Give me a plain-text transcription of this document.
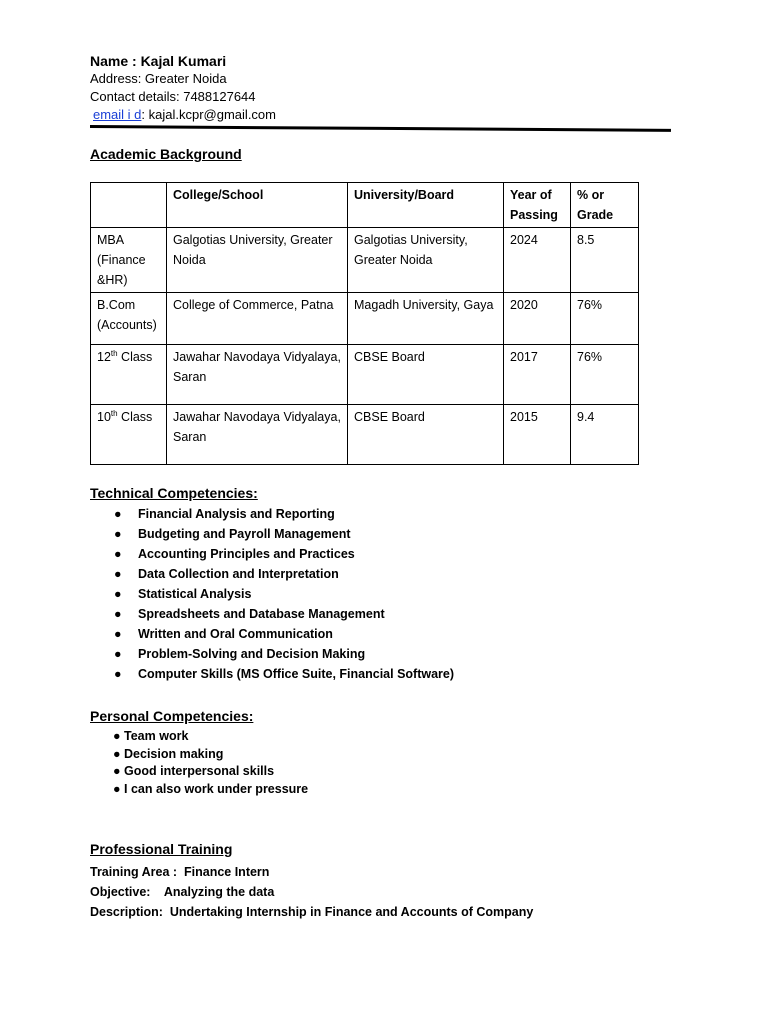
Name : Kajal Kumari
Address: Greater Noida
Contact details: 7488127644
email i d: kajal.kcpr@gmail.com
Academic Background
	College/School	University/Board	Year of Passing	% or Grade
MBA (Finance &HR)	Galgotias University, Greater Noida	Galgotias University, Greater Noida	2024	8.5
B.Com (Accounts)	College of Commerce, Patna	Magadh University, Gaya	2020	76%
12th Class	Jawahar Navodaya Vidyalaya, Saran	CBSE Board	2017	76%
10th Class	Jawahar Navodaya Vidyalaya, Saran	CBSE Board	2015	9.4
Technical Competencies:
● Financial Analysis and Reporting
● Budgeting and Payroll Management
● Accounting Principles and Practices
● Data Collection and Interpretation
● Statistical Analysis
● Spreadsheets and Database Management
● Written and Oral Communication
● Problem-Solving and Decision Making
● Computer Skills (MS Office Suite, Financial Software)
Personal Competencies:
● Team work
● Decision making
● Good interpersonal skills
● I can also work under pressure
Professional Training
Training Area :  Finance Intern
Objective:    Analyzing the data
Description:  Undertaking Internship in Finance and Accounts of Company
